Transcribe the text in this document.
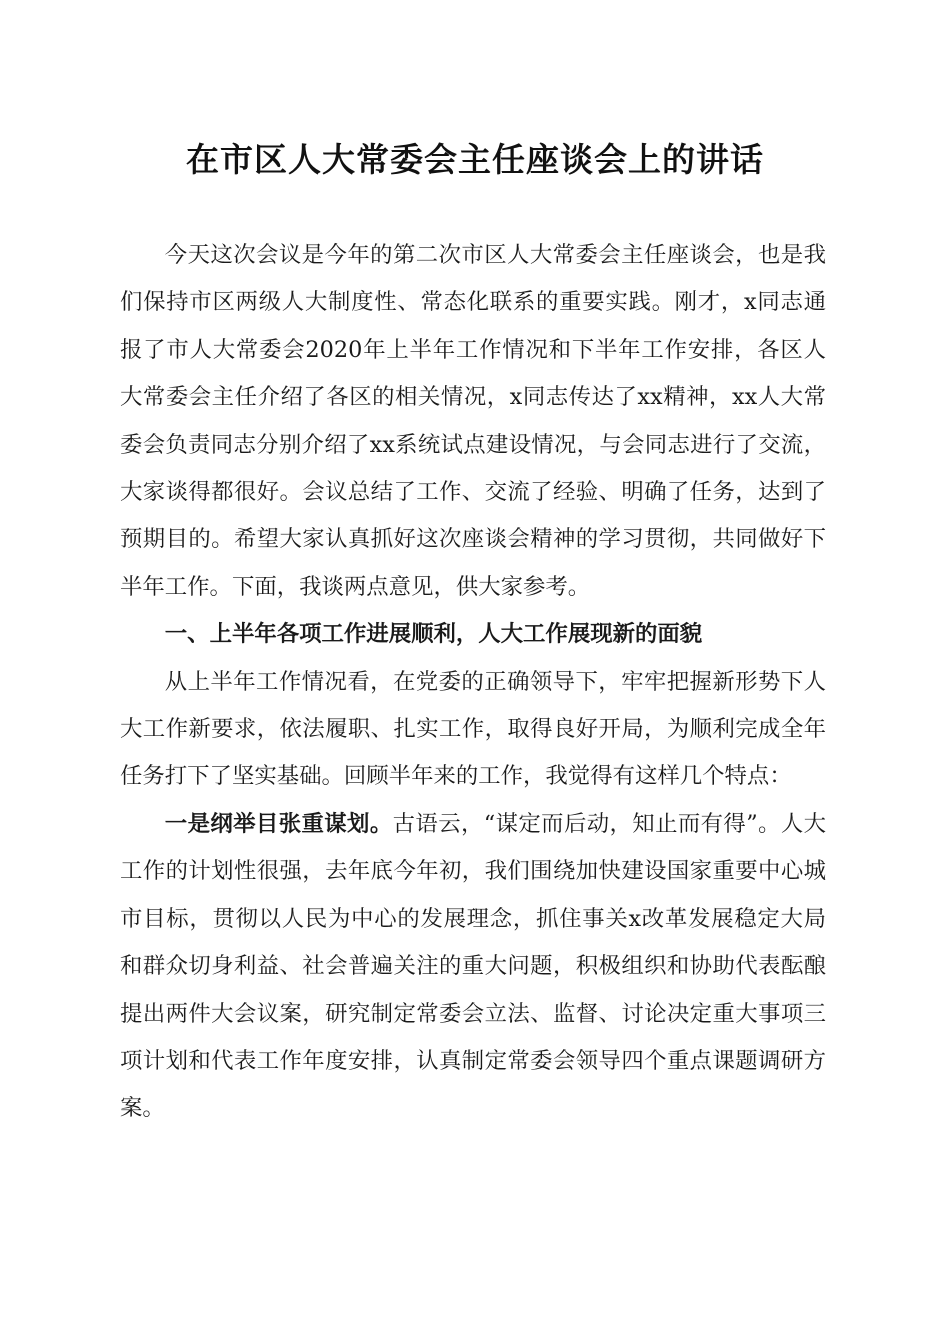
在市区人大常委会主任座谈会上的讲话

今天这次会议是今年的第二次市区人大常委会主任座谈会，也是我们保持市区两级人大制度性、常态化联系的重要实践。刚才，x同志通报了市人大常委会2020年上半年工作情况和下半年工作安排，各区人大常委会主任介绍了各区的相关情况，x同志传达了xx精神，xx人大常委会负责同志分别介绍了xx系统试点建设情况，与会同志进行了交流，大家谈得都很好。会议总结了工作、交流了经验、明确了任务，达到了预期目的。希望大家认真抓好这次座谈会精神的学习贯彻，共同做好下半年工作。下面，我谈两点意见，供大家参考。

一、上半年各项工作进展顺利，人大工作展现新的面貌

从上半年工作情况看，在党委的正确领导下，牢牢把握新形势下人大工作新要求，依法履职、扎实工作，取得良好开局，为顺利完成全年任务打下了坚实基础。回顾半年来的工作，我觉得有这样几个特点：

一是纲举目张重谋划。古语云，“谋定而后动，知止而有得”。人大工作的计划性很强，去年底今年初，我们围绕加快建设国家重要中心城市目标，贯彻以人民为中心的发展理念，抓住事关x改革发展稳定大局和群众切身利益、社会普遍关注的重大问题，积极组织和协助代表酝酿提出两件大会议案，研究制定常委会立法、监督、讨论决定重大事项三项计划和代表工作年度安排，认真制定常委会领导四个重点课题调研方案。
